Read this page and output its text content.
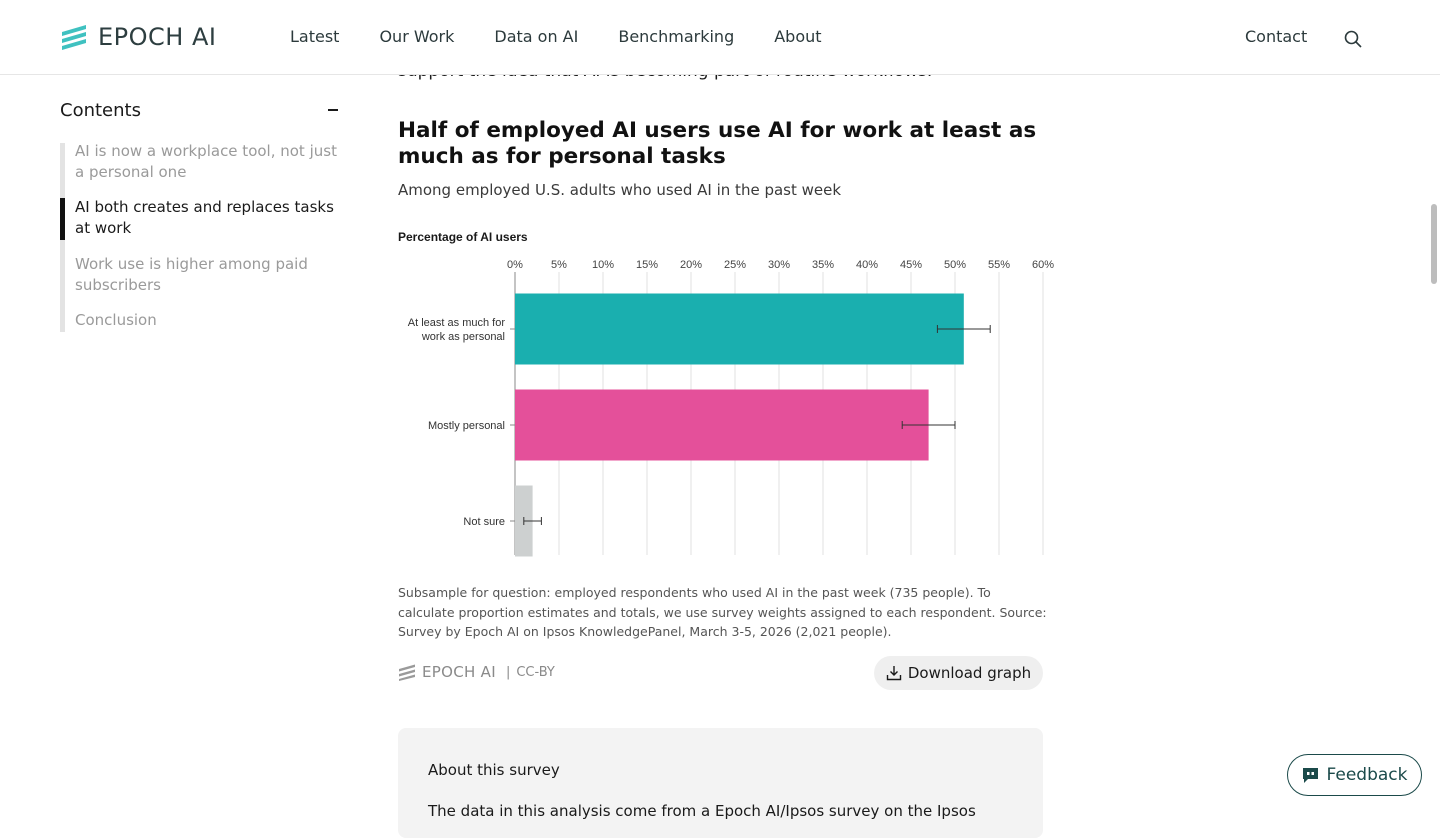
EPOCH AI	Latest	Our Work	Data on AI	Benchmarking	About	Contact
Contents
AI is now a workplace tool, not just a personal one
AI both creates and replaces tasks at work
Work use is higher among paid subscribers
Conclusion
Half of employed AI users use AI for work at least as much as for personal tasks
Among employed U.S. adults who used AI in the past week
Percentage of AI users
0%	5% 10% 15% 20% 25% 30% 35% 40% 45% 50% 55% 60%
At least as much for work as personal
Mostly personal
Not sure
Subsample for question: employed respondents who used AI in the past week (735 people). To calculate proportion estimates and totals, we use survey weights assigned to each respondent. Source: Survey by Epoch AI on Ipsos KnowledgePanel, March 3-5, 2026 (2,021 people).
EPOCH AI | CC-BY	Download graph
About this survey
The data in this analysis come from a Epoch AI/Ipsos survey on the Ipsos
Feedback
